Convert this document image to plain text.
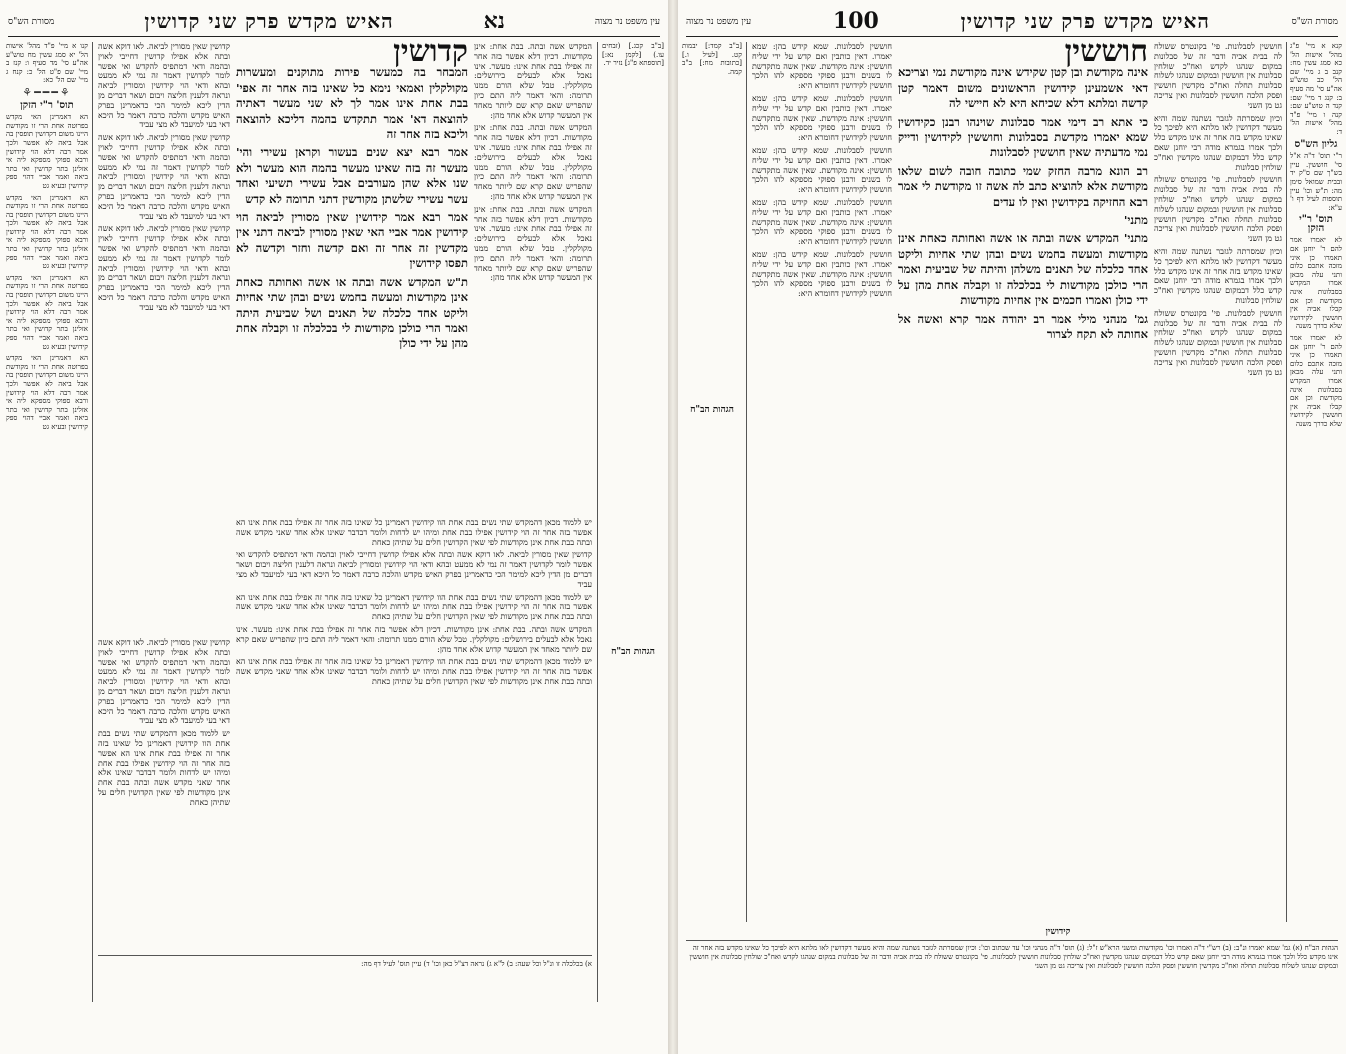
עין משפט נר מצוה
נא
האיש מקדש פרק שני קדושין
מסורת הש"ס

קנו א מיי' פ"ד מהל' אישות הל' יא סמג עשין מח טוש"ע אה"ע סי' מד סעיף ו: קנז ב מיי' שם פ"ט הל' כ: קנח ג מיי' שם הל' כא:

⚘━━━⚘
תוס' ר"י הזקן

הא דאמרינן האי מקדש בפרוטה אחת הרי זו מקודשת היינו משום דקדושין תופסין בה אבל ביאה לא אפשר ולכך אמר רבה דלא הוי קידושין ורבא ספוקי מספקא ליה אי אזלינן בתר קדושין ואי בתר ביאה ואמר אביי דהוי ספק קידושין ובעיא גט

הא דאמרינן האי מקדש בפרוטה אחת הרי זו מקודשת היינו משום דקדושין תופסין בה אבל ביאה לא אפשר ולכך אמר רבה דלא הוי קידושין ורבא ספוקי מספקא ליה אי אזלינן בתר קדושין ואי בתר ביאה ואמר אביי דהוי ספק קידושין ובעיא גט

הא דאמרינן האי מקדש בפרוטה אחת הרי זו מקודשת היינו משום דקדושין תופסין בה אבל ביאה לא אפשר ולכך אמר רבה דלא הוי קידושין ורבא ספוקי מספקא ליה אי אזלינן בתר קדושין ואי בתר ביאה ואמר אביי דהוי ספק קידושין ובעיא גט

הא דאמרינן האי מקדש בפרוטה אחת הרי זו מקודשת היינו משום דקדושין תופסין בה אבל ביאה לא אפשר ולכך אמר רבה דלא הוי קידושין ורבא ספוקי מספקא ליה אי אזלינן בתר קדושין ואי בתר ביאה ואמר אביי דהוי ספק קידושין ובעיא גט

קדושין שאין מסורין לביאה. לאו דוקא אשה ובתה אלא אפילו קדושין דחייבי לאוין ובהמה ודאי דמתפיס להקדש ואי אפשר לומר לקדושין דאמר זה נמי לא ממעט ובהא ודאי הוי קידושין ומסורין לביאה ונראה דלענין חליצה ויבום ושאר דברים מן הדין ליכא למימר הכי כדאמרינן בפרק האיש מקדש והלכה כרבה דאמר כל היכא דאי בעי למיעבד לא מצי עביד

קדושין שאין מסורין לביאה. לאו דוקא אשה ובתה אלא אפילו קדושין דחייבי לאוין ובהמה ודאי דמתפיס להקדש ואי אפשר לומר לקדושין דאמר זה נמי לא ממעט ובהא ודאי הוי קידושין ומסורין לביאה ונראה דלענין חליצה ויבום ושאר דברים מן הדין ליכא למימר הכי כדאמרינן בפרק האיש מקדש והלכה כרבה דאמר כל היכא דאי בעי למיעבד לא מצי עביד

קדושין שאין מסורין לביאה. לאו דוקא אשה ובתה אלא אפילו קדושין דחייבי לאוין ובהמה ודאי דמתפיס להקדש ואי אפשר לומר לקדושין דאמר זה נמי לא ממעט ובהא ודאי הוי קידושין ומסורין לביאה ונראה דלענין חליצה ויבום ושאר דברים מן הדין ליכא למימר הכי כדאמרינן בפרק האיש מקדש והלכה כרבה דאמר כל היכא דאי בעי למיעבד לא מצי עביד

קדושין

המבחר בה כמעשר פירות מתוקנים ומעשרות מקולקלין ואמאי נימא כל שאינו בזה אחר זה אפי' בבת אחת אינו אמר לך לא שני מעשר דאתיה להוצאה דא' אמר תתקדש בהמה דליכא להוצאה וליכא בזה אחר זה

אמר רבא יצא שנים בעשור וקראן עשירי והי' מעשר זה בזה שאינו מעשר בהמה הוא מעשר ולא שנו אלא שהן מעורבים אבל עשירי תשיעי ואחד עשר עשירי שלשתן מקודשין דתני תרומה לא קדש

אמר רבא אמר קידושין שאין מסורין לביאה הוי קידושין אמר אביי האי שאין מסורין לביאה דתני אין מקדשין זה אחר זה ואם קדשה וחזר וקדשה לא תפסו קידושין

ת"ש המקדש אשה ובתה או אשה ואחותה כאחת אינן מקודשות ומעשה בחמש נשים ובהן שתי אחיות וליקט אחד כלכלה של תאנים ושל שביעית היתה ואמר הרי כולכן מקודשות לי בכלכלה זו וקבלה אחת מהן על ידי כולן

המקדש אשה ובתה. בבת אחת: אינן מקודשות. דכיון דלא אפשר בזה אחר זה אפילו בבת אחת אינו: מעשר. אינו נאכל אלא לבעלים בירושלים: מקולקלין. טבל שלא הורם ממנו תרומה: והאי דאמר ליה התם כיון שהפריש שאם קרא שם ליותר מאחד אין המעשר קדוש אלא אחד מהן:

המקדש אשה ובתה. בבת אחת: אינן מקודשות. דכיון דלא אפשר בזה אחר זה אפילו בבת אחת אינו: מעשר. אינו נאכל אלא לבעלים בירושלים: מקולקלין. טבל שלא הורם ממנו תרומה: והאי דאמר ליה התם כיון שהפריש שאם קרא שם ליותר מאחד אין המעשר קדוש אלא אחד מהן:

המקדש אשה ובתה. בבת אחת: אינן מקודשות. דכיון דלא אפשר בזה אחר זה אפילו בבת אחת אינו: מעשר. אינו נאכל אלא לבעלים בירושלים: מקולקלין. טבל שלא הורם ממנו תרומה: והאי דאמר ליה התם כיון שהפריש שאם קרא שם ליותר מאחד אין המעשר קדוש אלא אחד מהן:

[ב"ב קכג.] (זבחים עו.) [לקמן נא:] [תוספתא פ"ג] נזיר יד.

הגהות הב"ח

יש ללמוד מכאן דהמקדש שתי נשים בבת אחת הוו קידושין דאמרינן כל שאינו בזה אחר זה אפילו בבת אחת אינו הא אפשר בזה אחר זה הוי קידושין אפילו בבת אחת ומיהו יש לדחות ולומר דבדבר שאינו אלא אחד שאני מקדש אשה ובתה בבת אחת אינן מקודשות לפי שאין הקדושין חלים על שתיהן כאחת

קדושין שאין מסורין לביאה. לאו דוקא אשה ובתה אלא אפילו קדושין דחייבי לאוין ובהמה ודאי דמתפיס להקדש ואי אפשר לומר לקדושין דאמר זה נמי לא ממעט ובהא ודאי הוי קידושין ומסורין לביאה ונראה דלענין חליצה ויבום ושאר דברים מן הדין ליכא למימר הכי כדאמרינן בפרק האיש מקדש והלכה כרבה דאמר כל היכא דאי בעי למיעבד לא מצי עביד

יש ללמוד מכאן דהמקדש שתי נשים בבת אחת הוו קידושין דאמרינן כל שאינו בזה אחר זה אפילו בבת אחת אינו הא אפשר בזה אחר זה הוי קידושין אפילו בבת אחת ומיהו יש לדחות ולומר דבדבר שאינו אלא אחד שאני מקדש אשה ובתה בבת אחת אינן מקודשות לפי שאין הקדושין חלים על שתיהן כאחת

המקדש אשה ובתה. בבת אחת: אינן מקודשות. דכיון דלא אפשר בזה אחר זה אפילו בבת אחת אינו: מעשר. אינו נאכל אלא לבעלים בירושלים: מקולקלין. טבל שלא הורם ממנו תרומה: והאי דאמר ליה התם כיון שהפריש שאם קרא שם ליותר מאחד אין המעשר קדוש אלא אחד מהן:

יש ללמוד מכאן דהמקדש שתי נשים בבת אחת הוו קידושין דאמרינן כל שאינו בזה אחר זה אפילו בבת אחת אינו הא אפשר בזה אחר זה הוי קידושין אפילו בבת אחת ומיהו יש לדחות ולומר דבדבר שאינו אלא אחד שאני מקדש אשה ובתה בבת אחת אינן מקודשות לפי שאין הקדושין חלים על שתיהן כאחת

קדושין שאין מסורין לביאה. לאו דוקא אשה ובתה אלא אפילו קדושין דחייבי לאוין ובהמה ודאי דמתפיס להקדש ואי אפשר לומר לקדושין דאמר זה נמי לא ממעט ובהא ודאי הוי קידושין ומסורין לביאה ונראה דלענין חליצה ויבום ושאר דברים מן הדין ליכא למימר הכי כדאמרינן בפרק האיש מקדש והלכה כרבה דאמר כל היכא דאי בעי למיעבד לא מצי עביד

יש ללמוד מכאן דהמקדש שתי נשים בבת אחת הוו קידושין דאמרינן כל שאינו בזה אחר זה אפילו בבת אחת אינו הא אפשר בזה אחר זה הוי קידושין אפילו בבת אחת ומיהו יש לדחות ולומר דבדבר שאינו אלא אחד שאני מקדש אשה ובתה בבת אחת אינן מקודשות לפי שאין הקדושין חלים על שתיהן כאחת

א) בכלכלה זו ונ"ל וכל שעה: ב) ל"א ג) נראה דצ"ל כאן וכו' ד) עיין תוס' לעיל דף מה:
מסורת הש"ס
האיש מקדש פרק שני קדושין
100
עין משפט נר מצוה

[ב"ב קמד:] יבמות קט. [לעיל ו.] [כתובות מח:] ב"ב קמה.

הגהות הב"ח

חוששין לסבלונות. שמא קידש בהן: שמא יאמרו. דאין כותבין ואם קדש על ידי שליח חוששין: אינה מקודשת. שאין אשה מתקדשת לו בשנים ורבנן ספוקי מספקא להו הלכך חוששין לקידושין דחומרא היא:

חוששין לסבלונות. שמא קידש בהן: שמא יאמרו. דאין כותבין ואם קדש על ידי שליח חוששין: אינה מקודשת. שאין אשה מתקדשת לו בשנים ורבנן ספוקי מספקא להו הלכך חוששין לקידושין דחומרא היא:

חוששין לסבלונות. שמא קידש בהן: שמא יאמרו. דאין כותבין ואם קדש על ידי שליח חוששין: אינה מקודשת. שאין אשה מתקדשת לו בשנים ורבנן ספוקי מספקא להו הלכך חוששין לקידושין דחומרא היא:

חוששין לסבלונות. שמא קידש בהן: שמא יאמרו. דאין כותבין ואם קדש על ידי שליח חוששין: אינה מקודשת. שאין אשה מתקדשת לו בשנים ורבנן ספוקי מספקא להו הלכך חוששין לקידושין דחומרא היא:

חוששין לסבלונות. שמא קידש בהן: שמא יאמרו. דאין כותבין ואם קדש על ידי שליח חוששין: אינה מקודשת. שאין אשה מתקדשת לו בשנים ורבנן ספוקי מספקא להו הלכך חוששין לקידושין דחומרא היא:

חוששין

אינה מקודשת ובן קטן שקידש אינה מקודשת נמי וצריכא דאי אשמעינן קידושין הראשונים משום דאמר קטן קדשה ומלתא דלא שכיחא היא לא חיישי לה

כי אתא רב דימי אמר סבלונות שוינהו רבנן כקידושין שמא יאמרו מקדשת בסבלונות וחוששין לקידושין ודייק נמי מדעתיה שאין חוששין לסבלונות

רב הונא מרבה החזק שמי כתובה חובה לשום שלאו מקודשת אלא להוציא כתב לה אשה זו מקודשת לי אמר רבא החזיקה בקידושין ואין לו עדים

מתני'

מתני' המקדש אשה ובתה או אשה ואחותה כאחת אינן מקודשות ומעשה בחמש נשים ובהן שתי אחיות וליקט אחד כלכלה של תאנים משלהן והיתה של שביעית ואמר הרי כולכן מקודשות לי בכלכלה זו וקבלה אחת מהן על ידי כולן ואמרו חכמים אין אחיות מקודשות

גמ' מנהני מילי אמר רב יהודה אמר קרא ואשה אל אחותה לא תקח לצרור

חוששין לסבלונות. פי' בקונטרס ששולח לה בבית אביה ודבר זה של סבלונות במקום שנהגו לקדש ואח"כ שולחין סבלונות אין חוששין ובמקום שנהגו לשלוח סבלונות תחלה ואח"כ מקדשין חוששין ופסק הלכה חוששין לסבלונות ואין צריכה גט מן השני

וכיון שמסרתה לגזבר נשתנה שמה והיא מעשר דקדושין לאו מלתא היא לפיכך כל שאינו מקדש בזה אחר זה אינו מקדש כלל ולכך אמרו בגמרא מודה רבי יוחנן שאם קדש כלל דבמקום שנהגו מקדשין ואח"כ שולחין סבלונות

חוששין לסבלונות. פי' בקונטרס ששולח לה בבית אביה ודבר זה של סבלונות במקום שנהגו לקדש ואח"כ שולחין סבלונות אין חוששין ובמקום שנהגו לשלוח סבלונות תחלה ואח"כ מקדשין חוששין ופסק הלכה חוששין לסבלונות ואין צריכה גט מן השני

וכיון שמסרתה לגזבר נשתנה שמה והיא מעשר דקדושין לאו מלתא היא לפיכך כל שאינו מקדש בזה אחר זה אינו מקדש כלל ולכך אמרו בגמרא מודה רבי יוחנן שאם קדש כלל דבמקום שנהגו מקדשין ואח"כ שולחין סבלונות

חוששין לסבלונות. פי' בקונטרס ששולח לה בבית אביה ודבר זה של סבלונות במקום שנהגו לקדש ואח"כ שולחין סבלונות אין חוששין ובמקום שנהגו לשלוח סבלונות תחלה ואח"כ מקדשין חוששין ופסק הלכה חוששין לסבלונות ואין צריכה גט מן השני

קנא א מיי' פ"ג מהל' אישות הל' כא סמג עשין מח: קנב ב ג מיי' שם הל' כב טוש"ע אה"ע סי' מה סעיף ב: קנג ד מיי' שם: קנד ה טוש"ע שם: קנה ו מיי' פ"ד מהל' אישות הל' ד:

גליון הש"ס

ר"י תוס' ד"ה א"ל סי' חוששין. עיין בש"ך שם ס"ק יד ובבית שמואל סימן מה: ת"ש וכו' עיין תוספות לעיל דף ו' ע"א:

תוס' ר"י הזקן

לא יאמרו אמר להם ר' יוחנן אם תאמרו כן איני מזכה אתכם כלום ותני עלה מכאן אמרו המקדש בסבלונות אינה מקודשת וכן אם קבלו אביה אין חוששין לקידושיו שלא כדרך משנה

לא יאמרו אמר להם ר' יוחנן אם תאמרו כן איני מזכה אתכם כלום ותני עלה מכאן אמרו המקדש בסבלונות אינה מקודשת וכן אם קבלו אביה אין חוששין לקידושיו שלא כדרך משנה

קידושין
הגהות הב"ח (א) גמ' שמא יאמרו ונ"ב: (ב) רש"י ד"ה ואמרו וכו' מקודשות ומשני הרא"ש ז"ל: (ג) תוס' ד"ה מנהני וכו' עד שכתוב וכו': וכיון שמסרתה לגזבר נשתנה שמה והיא מעשר דקדושין לאו מלתא היא לפיכך כל שאינו מקדש בזה אחר זה אינו מקדש כלל ולכך אמרו בגמרא מודה רבי יוחנן שאם קדש כלל דבמקום שנהגו מקדשין ואח"כ שולחין סבלונות חוששין לסבלונות. פי' בקונטרס ששולח לה בבית אביה ודבר זה של סבלונות במקום שנהגו לקדש ואח"כ שולחין סבלונות אין חוששין ובמקום שנהגו לשלוח סבלונות תחלה ואח"כ מקדשין חוששין ופסק הלכה חוששין לסבלונות ואין צריכה גט מן השני
